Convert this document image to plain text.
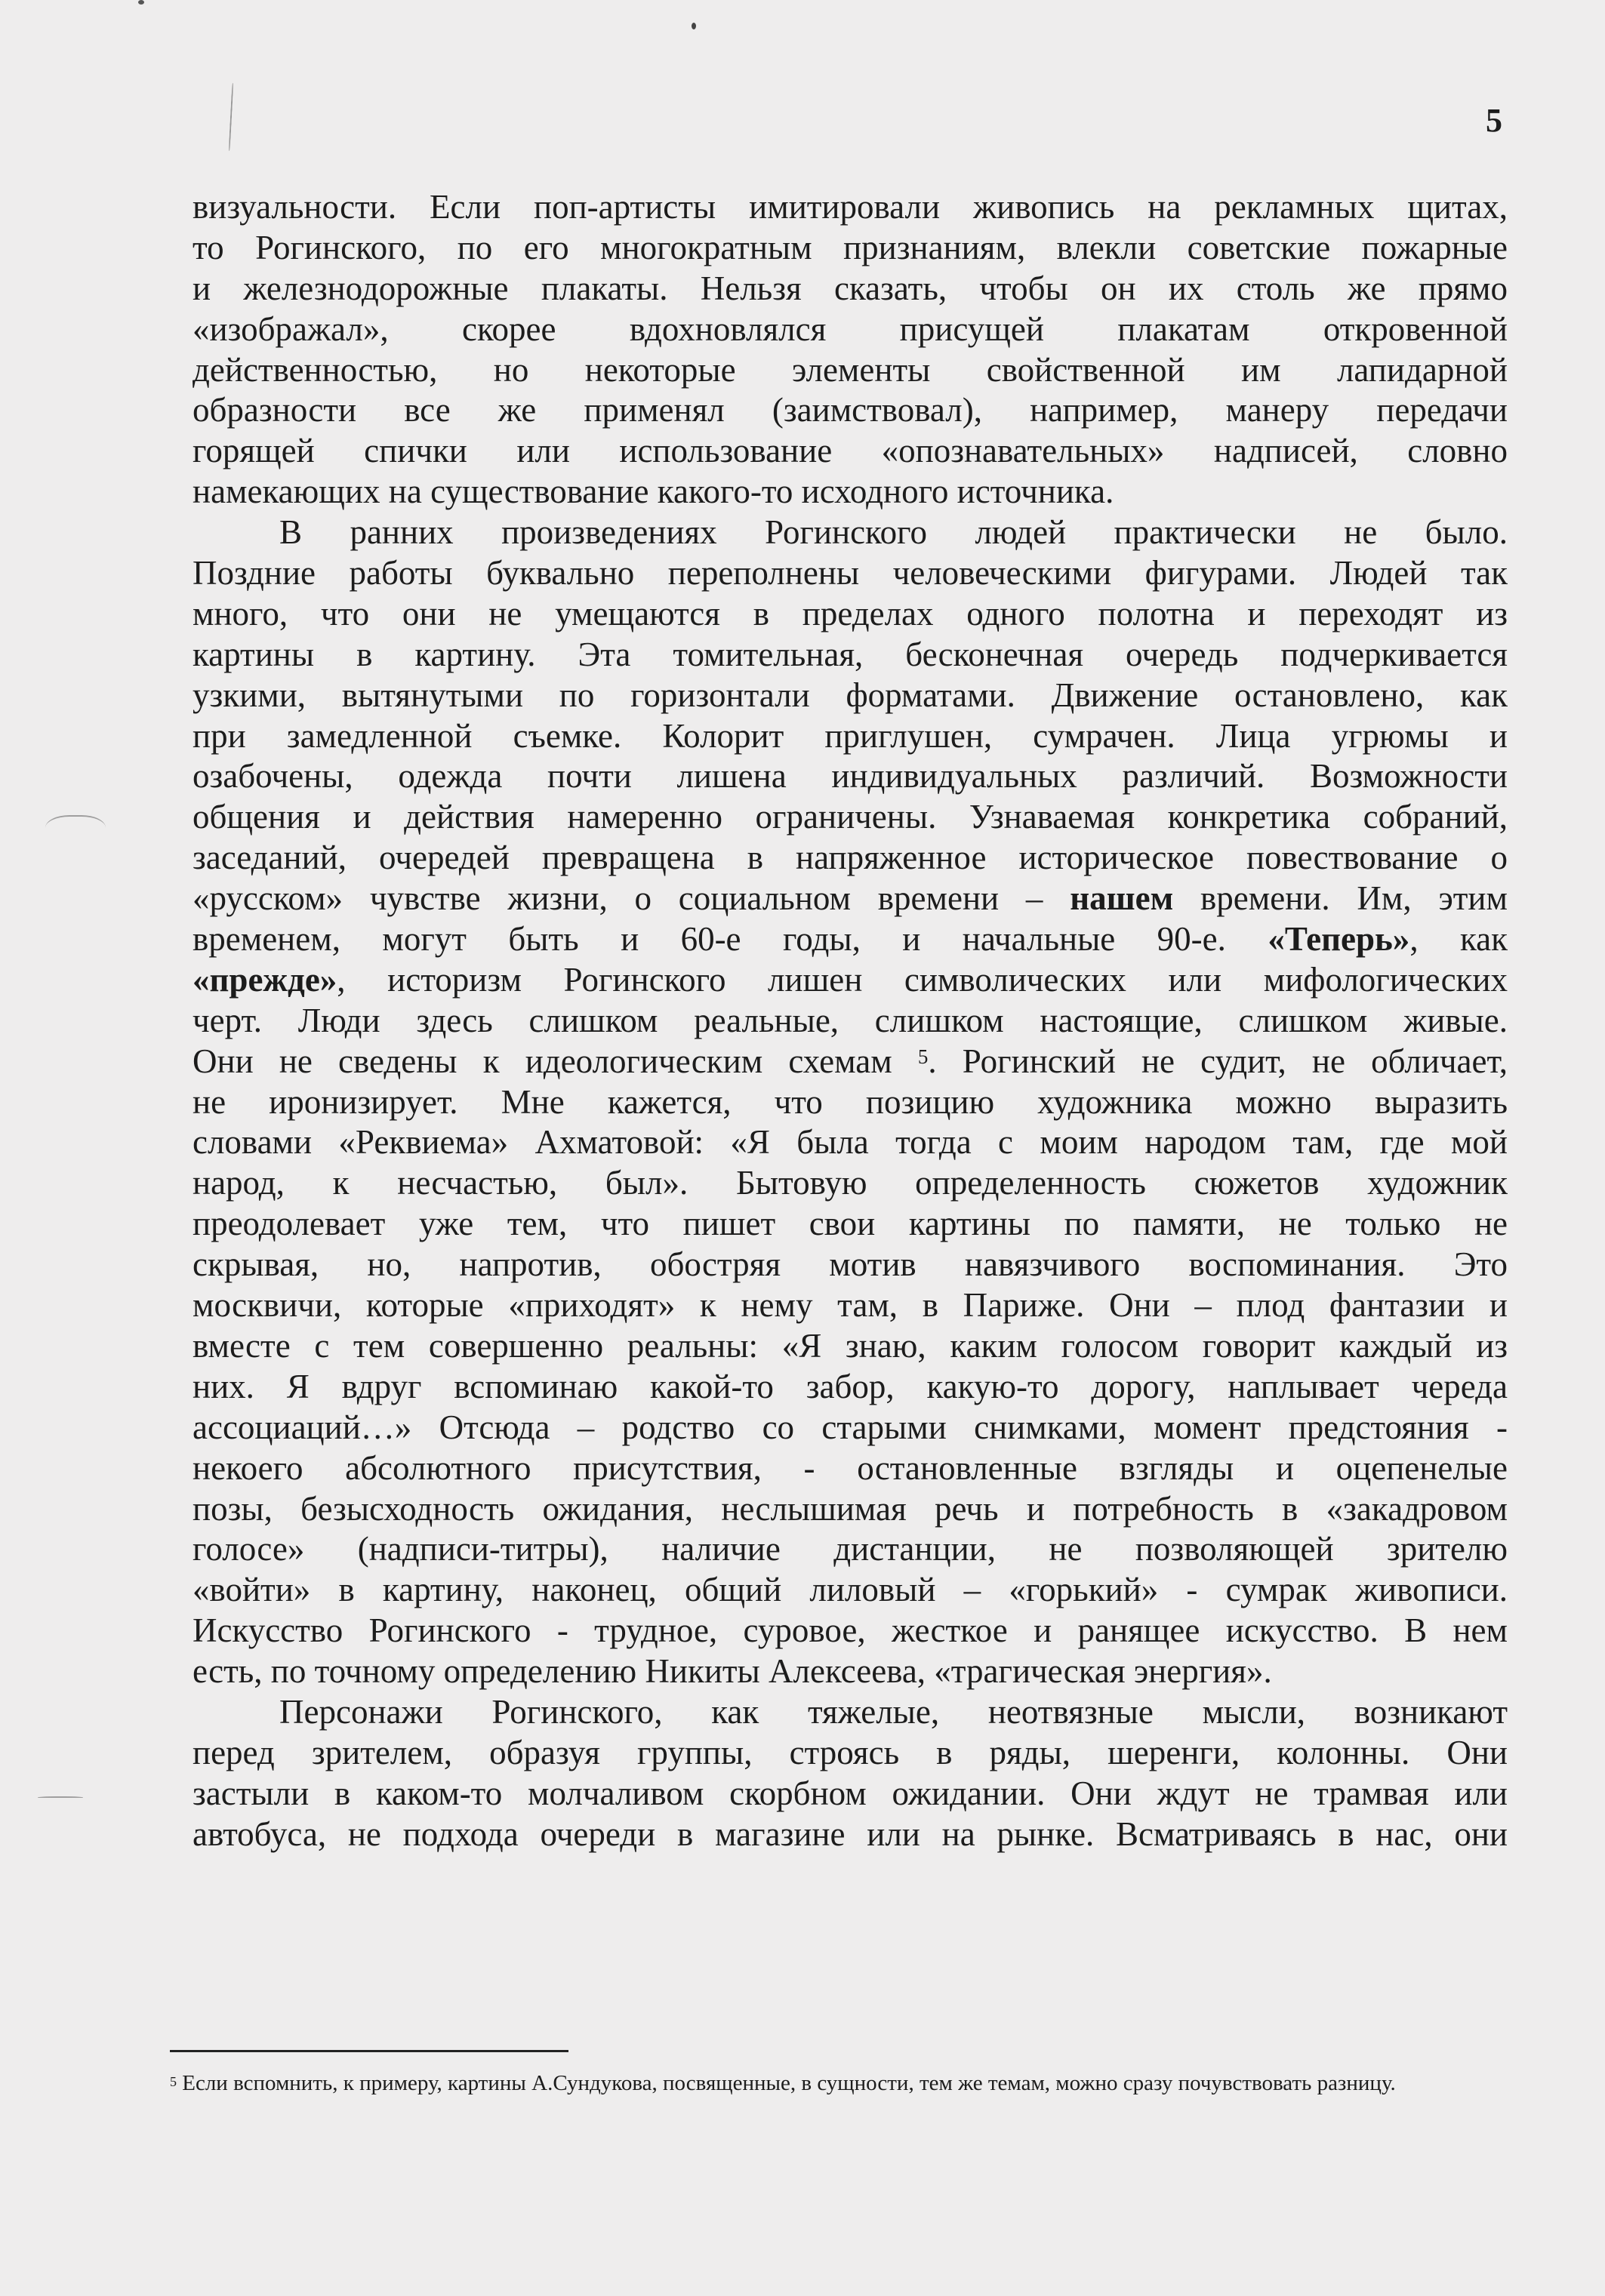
5
визуальности. Если поп-артисты имитировали живопись на рекламных щитах,
то Рогинского, по его многократным признаниям, влекли советские пожарные
и железнодорожные плакаты. Нельзя сказать, чтобы он их столь же прямо
«изображал», скорее вдохновлялся присущей плакатам откровенной
действенностью, но некоторые элементы свойственной им лапидарной
образности все же применял (заимствовал), например, манеру передачи
горящей спички или использование «опознавательных» надписей, словно
намекающих на существование какого-то исходного источника.
В ранних произведениях Рогинского людей практически не было.
Поздние работы буквально переполнены человеческими фигурами. Людей так
много, что они не умещаются в пределах одного полотна и переходят из
картины в картину. Эта томительная, бесконечная очередь подчеркивается
узкими, вытянутыми по горизонтали форматами. Движение остановлено, как
при замедленной съемке. Колорит приглушен, сумрачен. Лица угрюмы и
озабочены, одежда почти лишена индивидуальных различий. Возможности
общения и действия намеренно ограничены. Узнаваемая конкретика собраний,
заседаний, очередей превращена в напряженное историческое повествование о
«русском» чувстве жизни, о социальном времени – нашем времени. Им, этим
временем, могут быть и 60-е годы, и начальные 90-е. «Теперь», как
«прежде», историзм Рогинского лишен символических или мифологических
черт. Люди здесь слишком реальные, слишком настоящие, слишком живые.
Они не сведены к идеологическим схемам $^5$. Рогинский не судит, не обличает,
не иронизирует. Мне кажется, что позицию художника можно выразить
словами «Реквиема» Ахматовой: «Я была тогда с моим народом там, где мой
народ, к несчастью, был». Бытовую определенность сюжетов художник
преодолевает уже тем, что пишет свои картины по памяти, не только не
скрывая, но, напротив, обостряя мотив навязчивого воспоминания. Это
москвичи, которые «приходят» к нему там, в Париже. Они – плод фантазии и
вместе с тем совершенно реальны: «Я знаю, каким голосом говорит каждый из
них. Я вдруг вспоминаю какой-то забор, какую-то дорогу, наплывает череда
ассоциаций…» Отсюда – родство со старыми снимками, момент предстояния -
некоего абсолютного присутствия, - остановленные взгляды и оцепенелые
позы, безысходность ожидания, неслышимая речь и потребность в «закадровом
голосе» (надписи-титры), наличие дистанции, не позволяющей зрителю
«войти» в картину, наконец, общий лиловый – «горький» - сумрак живописи.
Искусство Рогинского - трудное, суровое, жесткое и ранящее искусство. В нем
есть, по точному определению Никиты Алексеева, «трагическая энергия».
Персонажи Рогинского, как тяжелые, неотвязные мысли, возникают
перед зрителем, образуя группы, строясь в ряды, шеренги, колонны. Они
застыли в каком-то молчаливом скорбном ожидании. Они ждут не трамвая или
автобуса, не подхода очереди в магазине или на рынке. Всматриваясь в нас, они
$^5$ Если вспомнить, к примеру, картины А.Сундукова, посвященные, в сущности, тем же темам, можно сразу почувствовать разницу.
